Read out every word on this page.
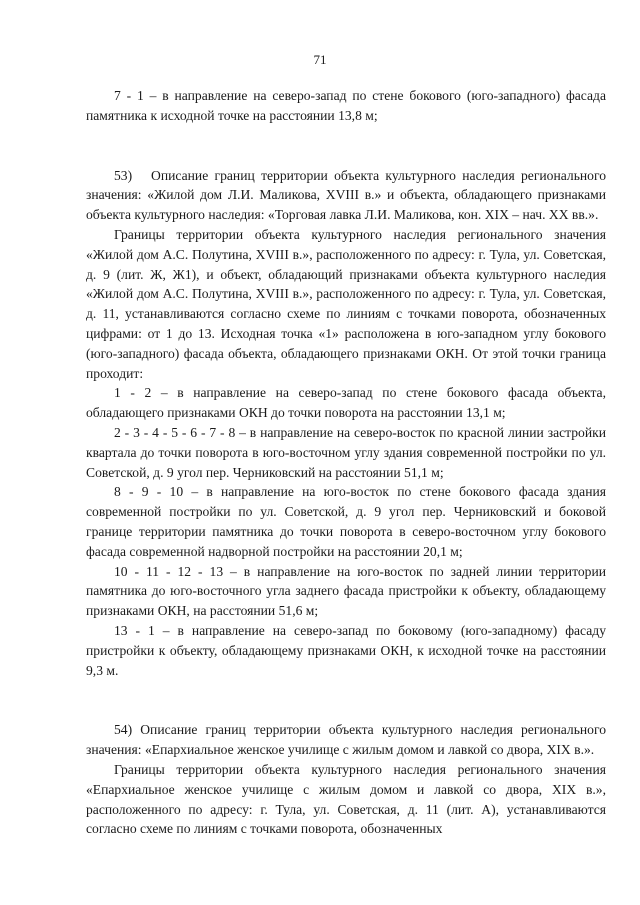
71

7 - 1 – в направление на северо-запад по стене бокового (юго-западного) фасада памятника к исходной точке на расстоянии 13,8 м;

53)   Описание границ территории объекта культурного наследия регионального значения: «Жилой дом Л.И. Маликова, XVIII в.» и объекта, обладающего признаками объекта культурного наследия: «Торговая лавка Л.И. Маликова, кон. XIX – нач. XX вв.».

Границы территории объекта культурного наследия регионального значения «Жилой дом А.С. Полутина, XVIII в.», расположенного по адресу: г. Тула, ул. Советская, д. 9 (лит. Ж, Ж1), и объект, обладающий признаками объекта культурного наследия «Жилой дом А.С. Полутина, XVIII в.», расположенного по адресу: г. Тула, ул. Советская, д. 11, устанавливаются согласно схеме по линиям с точками поворота, обозначенных цифрами: от 1 до 13. Исходная точка «1» расположена в юго-западном углу бокового (юго-западного) фасада объекта, обладающего признаками ОКН. От этой точки граница проходит:

1 - 2 – в направление на северо-запад по стене бокового фасада объекта, обладающего признаками ОКН до точки поворота на расстоянии 13,1 м;

2 - 3 - 4 - 5 - 6 - 7 - 8 – в направление на северо-восток по красной линии застройки квартала до точки поворота в юго-восточном углу здания современной постройки по ул. Советской, д. 9 угол пер. Черниковский на расстоянии 51,1 м;

8 - 9 - 10 – в направление на юго-восток по стене бокового фасада здания современной постройки по ул. Советской, д. 9 угол пер. Черниковский и боковой границе территории памятника до точки поворота в северо-восточном углу бокового фасада современной надворной постройки на расстоянии 20,1 м;

10 - 11 - 12 - 13 – в направление на юго-восток по задней линии территории памятника до юго-восточного угла заднего фасада пристройки к объекту, обладающему признаками ОКН, на расстоянии 51,6 м;

13 - 1 – в направление на северо-запад по боковому (юго-западному) фасаду пристройки к объекту, обладающему признаками ОКН, к исходной точке на расстоянии 9,3 м.

54) Описание границ территории объекта культурного наследия регионального значения: «Епархиальное женское училище с жилым домом и лавкой со двора, XIX в.».

Границы территории объекта культурного наследия регионального значения «Епархиальное женское училище с жилым домом и лавкой со двора, XIX в.», расположенного по адресу: г. Тула, ул. Советская, д. 11 (лит. А), устанавливаются согласно схеме по линиям с точками поворота, обозначенных
